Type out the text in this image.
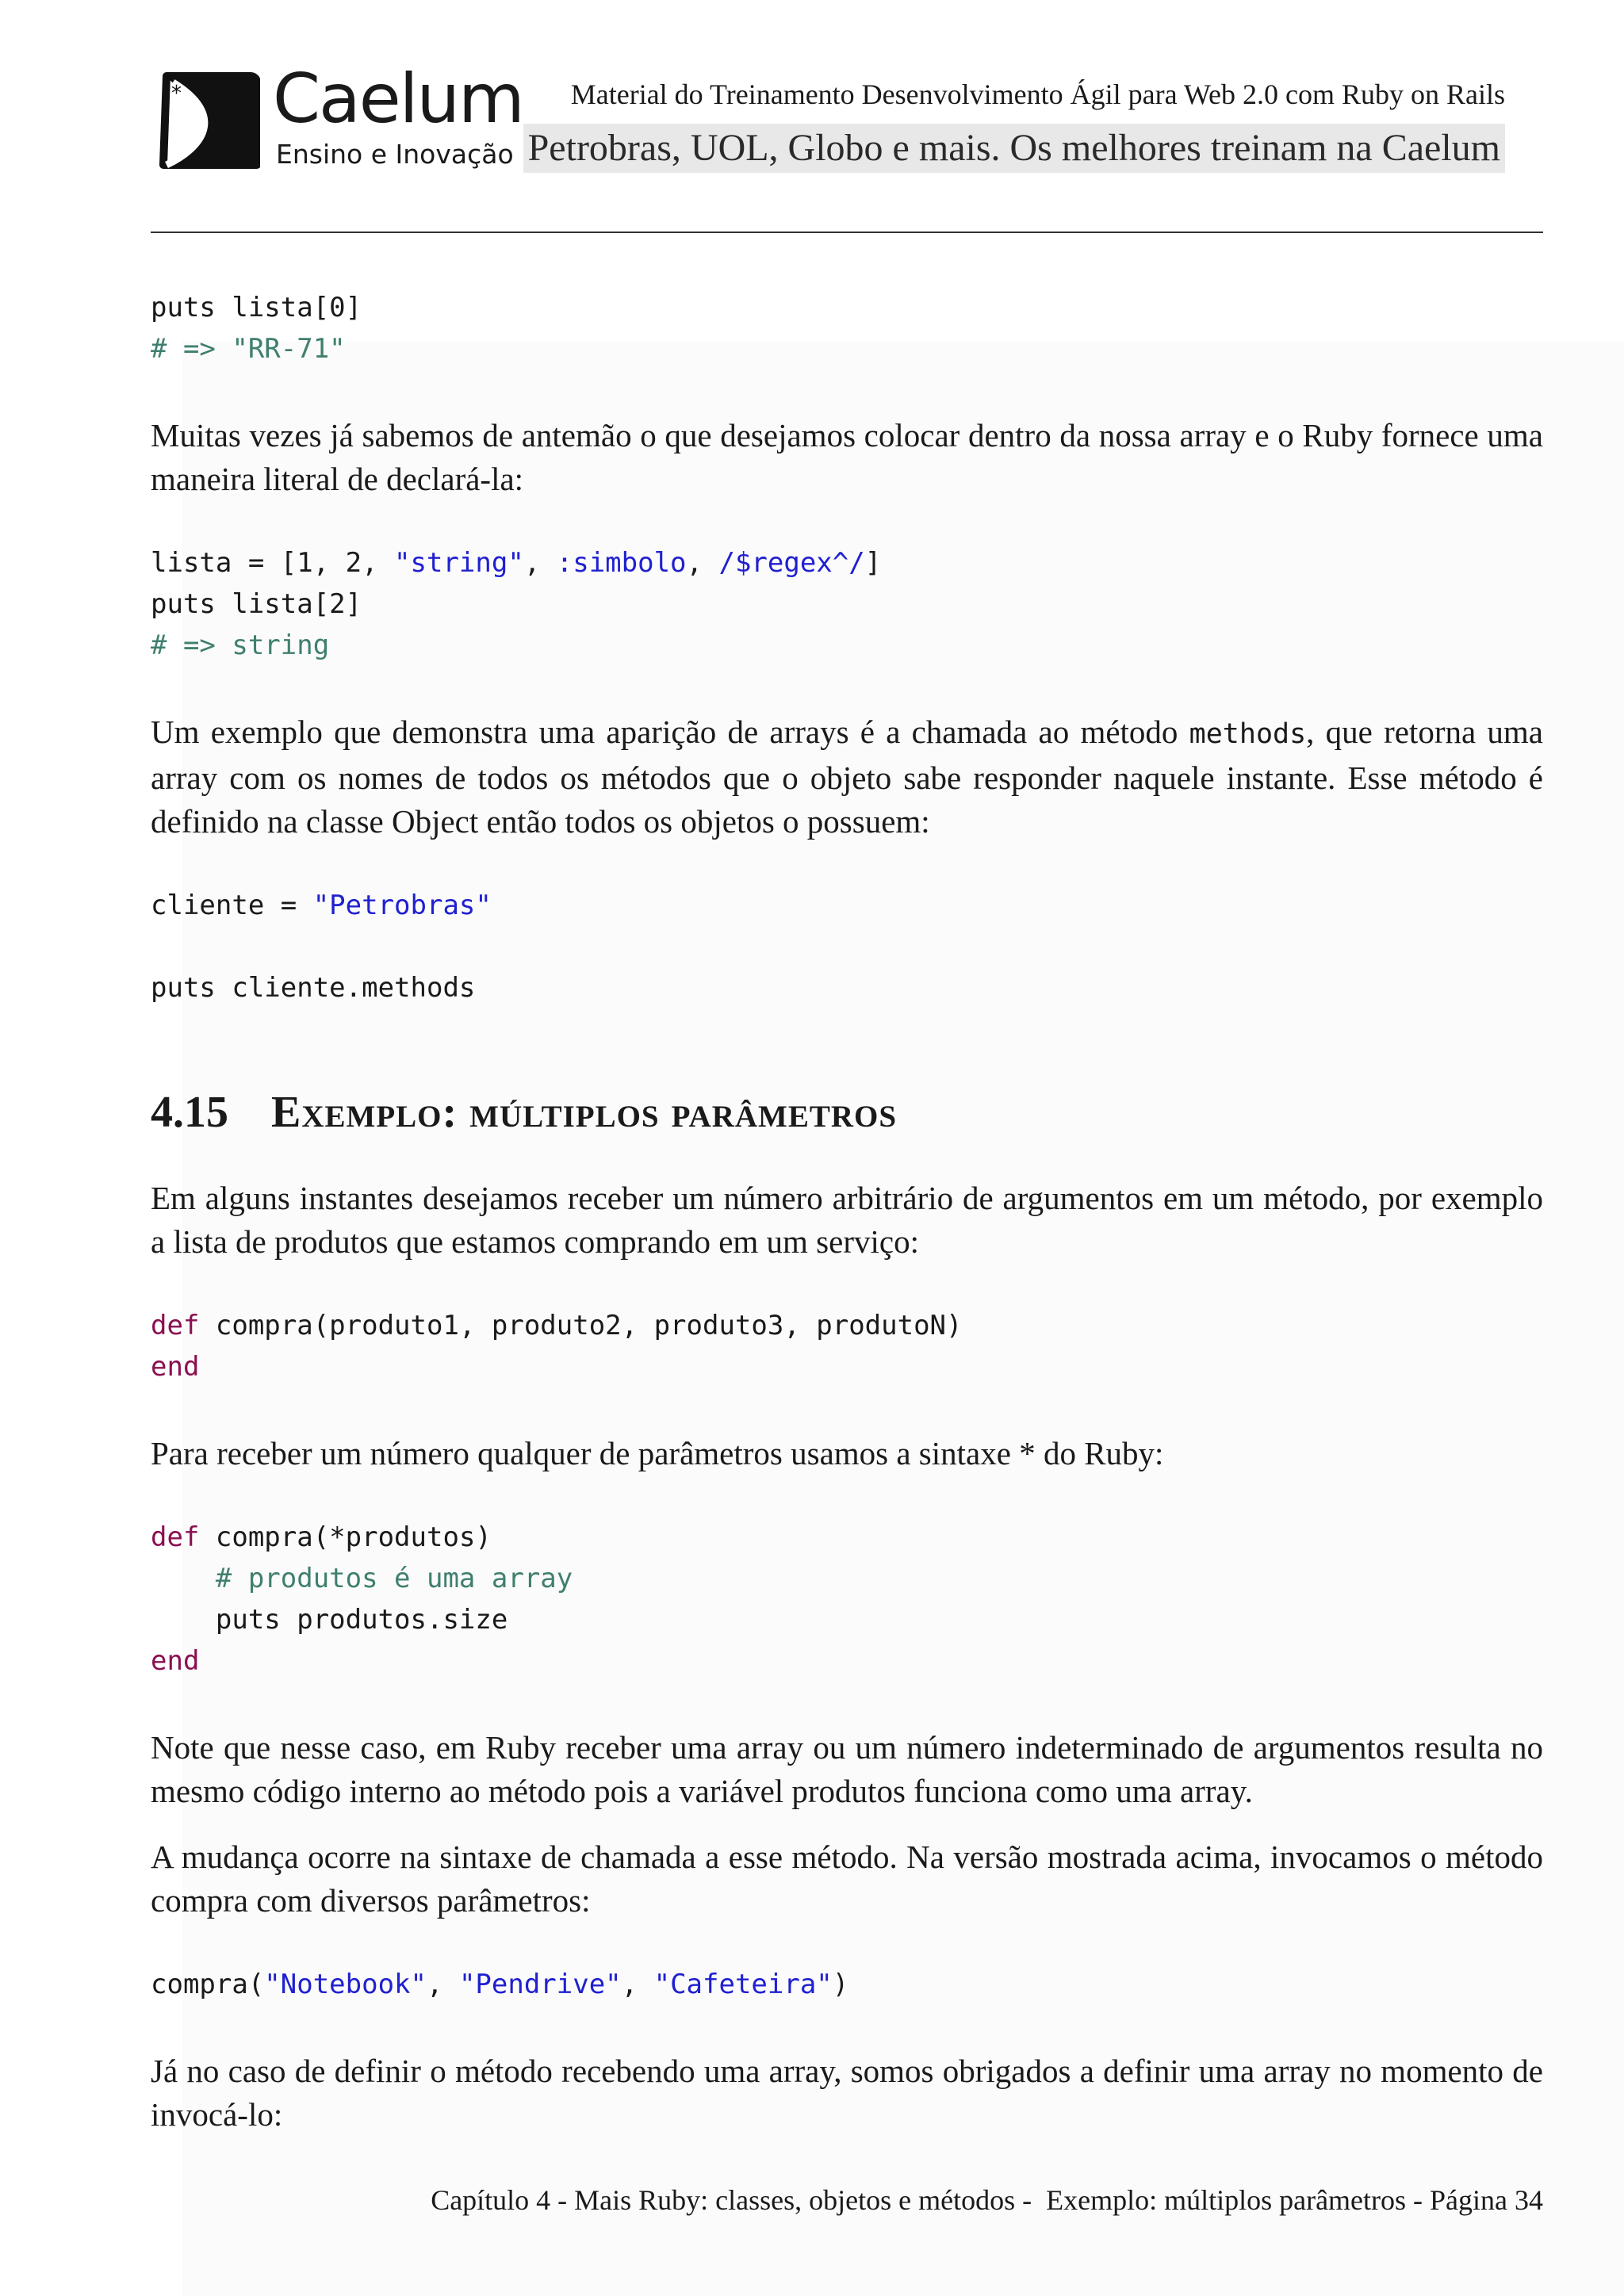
* Caelum
Ensino e Inovação
Material do Treinamento Desenvolvimento Ágil para Web 2.0 com Ruby on Rails
Petrobras, UOL, Globo e mais. Os melhores treinam na Caelum
puts lista[0]
# => "RR-71"

Muitas vezes já sabemos de antemão o que desejamos colocar dentro da nossa array e o Ruby fornece uma maneira literal de declará-la:

lista = [1, 2, "string", :simbolo, /$regex^/]
puts lista[2]
# => string

Um exemplo que demonstra uma aparição de arrays é a chamada ao método methods, que retorna uma array com os nomes de todos os métodos que o objeto sabe responder naquele instante. Esse método é definido na classe Object então todos os objetos o possuem:

cliente = "Petrobras"

puts cliente.methods
4.15 Exemplo: múltiplos parâmetros

Em alguns instantes desejamos receber um número arbitrário de argumentos em um método, por exemplo a lista de produtos que estamos comprando em um serviço:

def compra(produto1, produto2, produto3, produtoN)
end

Para receber um número qualquer de parâmetros usamos a sintaxe * do Ruby:

def compra(*produtos)
# produtos é uma array
puts produtos.size
end

Note que nesse caso, em Ruby receber uma array ou um número indeterminado de argumentos resulta no mesmo código interno ao método pois a variável produtos funciona como uma array.

A mudança ocorre na sintaxe de chamada a esse método. Na versão mostrada acima, invocamos o método compra com diversos parâmetros:

compra("Notebook", "Pendrive", "Cafeteira")

Já no caso de definir o método recebendo uma array, somos obrigados a definir uma array no momento de invocá-lo:

Capítulo 4 - Mais Ruby: classes, objetos e métodos -  Exemplo: múltiplos parâmetros - Página 34
